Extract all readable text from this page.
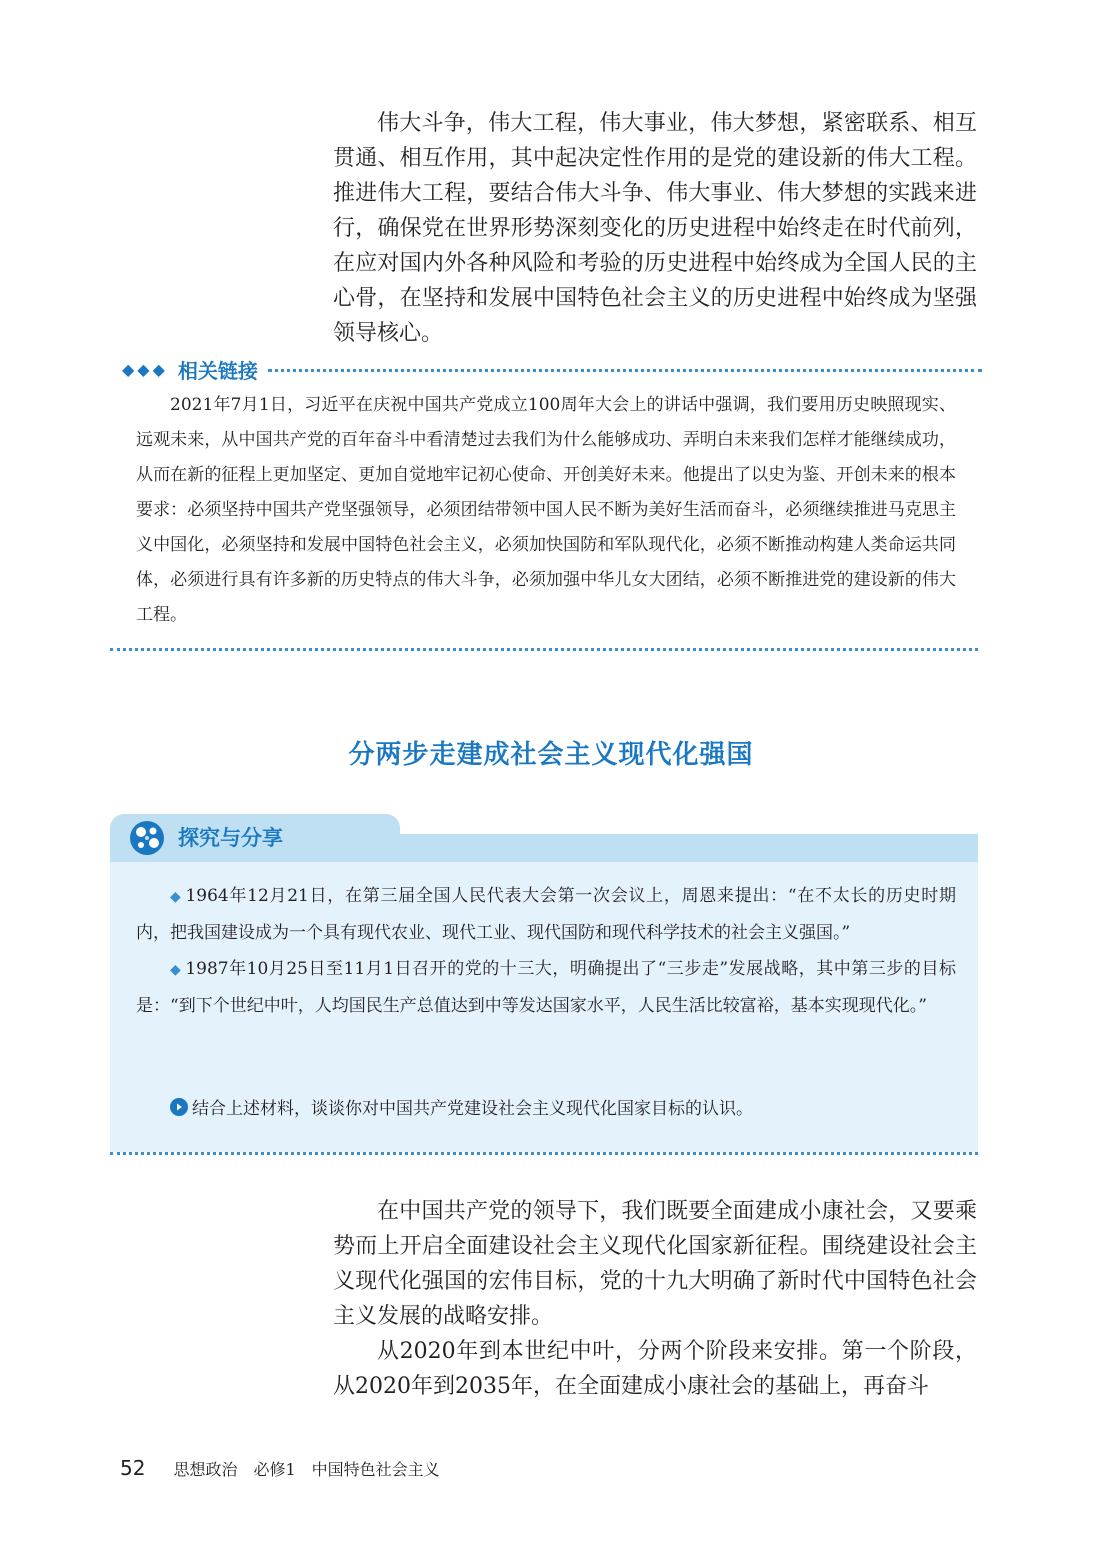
伟大斗争，伟大工程，伟大事业，伟大梦想，紧密联系、相互贯通、相互作用，其中起决定性作用的是党的建设新的伟大工程。推进伟大工程，要结合伟大斗争、伟大事业、伟大梦想的实践来进行，确保党在世界形势深刻变化的历史进程中始终走在时代前列，在应对国内外各种风险和考验的历史进程中始终成为全国人民的主心骨，在坚持和发展中国特色社会主义的历史进程中始终成为坚强领导核心。

◆◆◆ 相关链接

2021年7月1日，习近平在庆祝中国共产党成立100周年大会上的讲话中强调，我们要用历史映照现实、远观未来，从中国共产党的百年奋斗中看清楚过去我们为什么能够成功、弄明白未来我们怎样才能继续成功，从而在新的征程上更加坚定、更加自觉地牢记初心使命、开创美好未来。他提出了以史为鉴、开创未来的根本要求：必须坚持中国共产党坚强领导，必须团结带领中国人民不断为美好生活而奋斗，必须继续推进马克思主义中国化，必须坚持和发展中国特色社会主义，必须加快国防和军队现代化，必须不断推动构建人类命运共同体，必须进行具有许多新的历史特点的伟大斗争，必须加强中华儿女大团结，必须不断推进党的建设新的伟大工程。

分两步走建成社会主义现代化强国
探究与分享

◆ 1964年12月21日，在第三届全国人民代表大会第一次会议上，周恩来提出：“在不太长的历史时期内，把我国建设成为一个具有现代农业、现代工业、现代国防和现代科学技术的社会主义强国。”

◆ 1987年10月25日至11月1日召开的党的十三大，明确提出了“三步走”发展战略，其中第三步的目标是：“到下个世纪中叶，人均国民生产总值达到中等发达国家水平，人民生活比较富裕，基本实现现代化。”

结合上述材料，谈谈你对中国共产党建设社会主义现代化国家目标的认识。

在中国共产党的领导下，我们既要全面建成小康社会，又要乘势而上开启全面建设社会主义现代化国家新征程。围绕建设社会主义现代化强国的宏伟目标，党的十九大明确了新时代中国特色社会主义发展的战略安排。

从2020年到本世纪中叶，分两个阶段来安排。第一个阶段，从2020年到2035年，在全面建成小康社会的基础上，再奋斗

52 思想政治　必修1　中国特色社会主义
